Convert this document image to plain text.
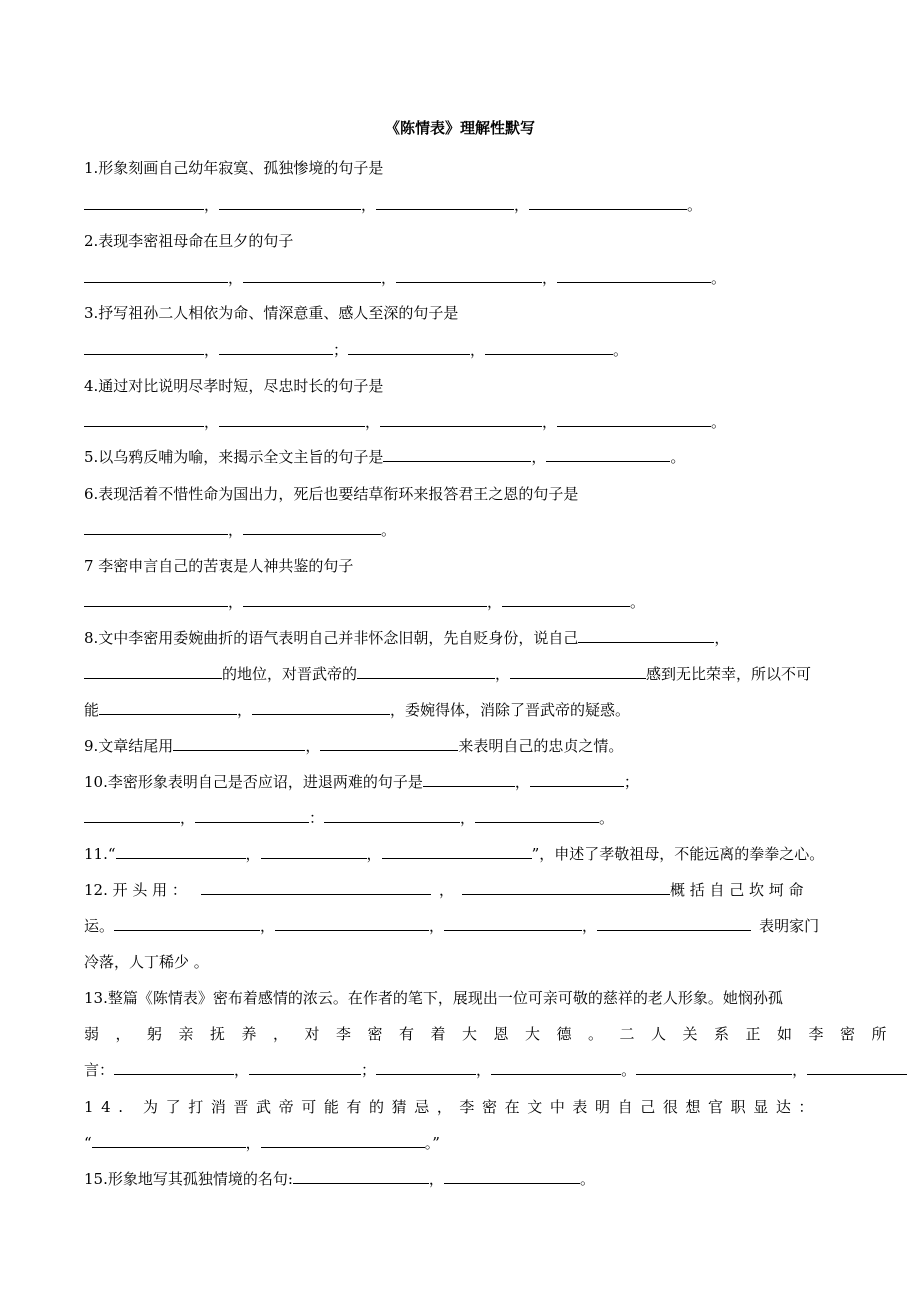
《陈情表》理解性默写
1.形象刻画自己幼年寂寞、孤独惨境的句子是
，	，	，	。
2.表现李密祖母命在旦夕的句子
，	，	，	。
3.抒写祖孙二人相依为命、情深意重、感人至深的句子是
，	；	，	。
4.通过对比说明尽孝时短，尽忠时长的句子是
，	，	，	。
5.以乌鸦反哺为喻，来揭示全文主旨的句子是	，	。
6.表现活着不惜性命为国出力，死后也要结草衔环来报答君王之恩的句子是
，	。
7 李密申言自己的苦衷是人神共鉴的句子
，	，	。
8.文中李密用委婉曲折的语气表明自己并非怀念旧朝，先自贬身份，说自己	，
的地位，对晋武帝的	，	感到无比荣幸，所以不可
能	，	，委婉得体，消除了晋武帝的疑惑。
9.文章结尾用	，	来表明自己的忠贞之情。
10.李密形象表明自己是否应诏，进退两难的句子是	，	；
，	：	，	。
11.“	，	，	”，申述了孝敬祖母，不能远离的拳拳之心。
12. 开 头 用 ：	，	概 括 自 己 坎 坷 命
运。	，	，	，	表明家门
冷落，人丁稀少 。
13.整篇《陈情表》密布着感情的浓云。在作者的笔下，展现出一位可亲可敬的慈祥的老人形象。她悯孙孤
弱，躬亲抚养，对李密有着大恩大德。二人关系正如李密所
言：	，	；	，	。	，
14. 为了打消晋武帝可能有的猜忌，李密在文中表明自己很想官职显达：
“	，	。”
15.形象地写其孤独情境的名句:	，	。
